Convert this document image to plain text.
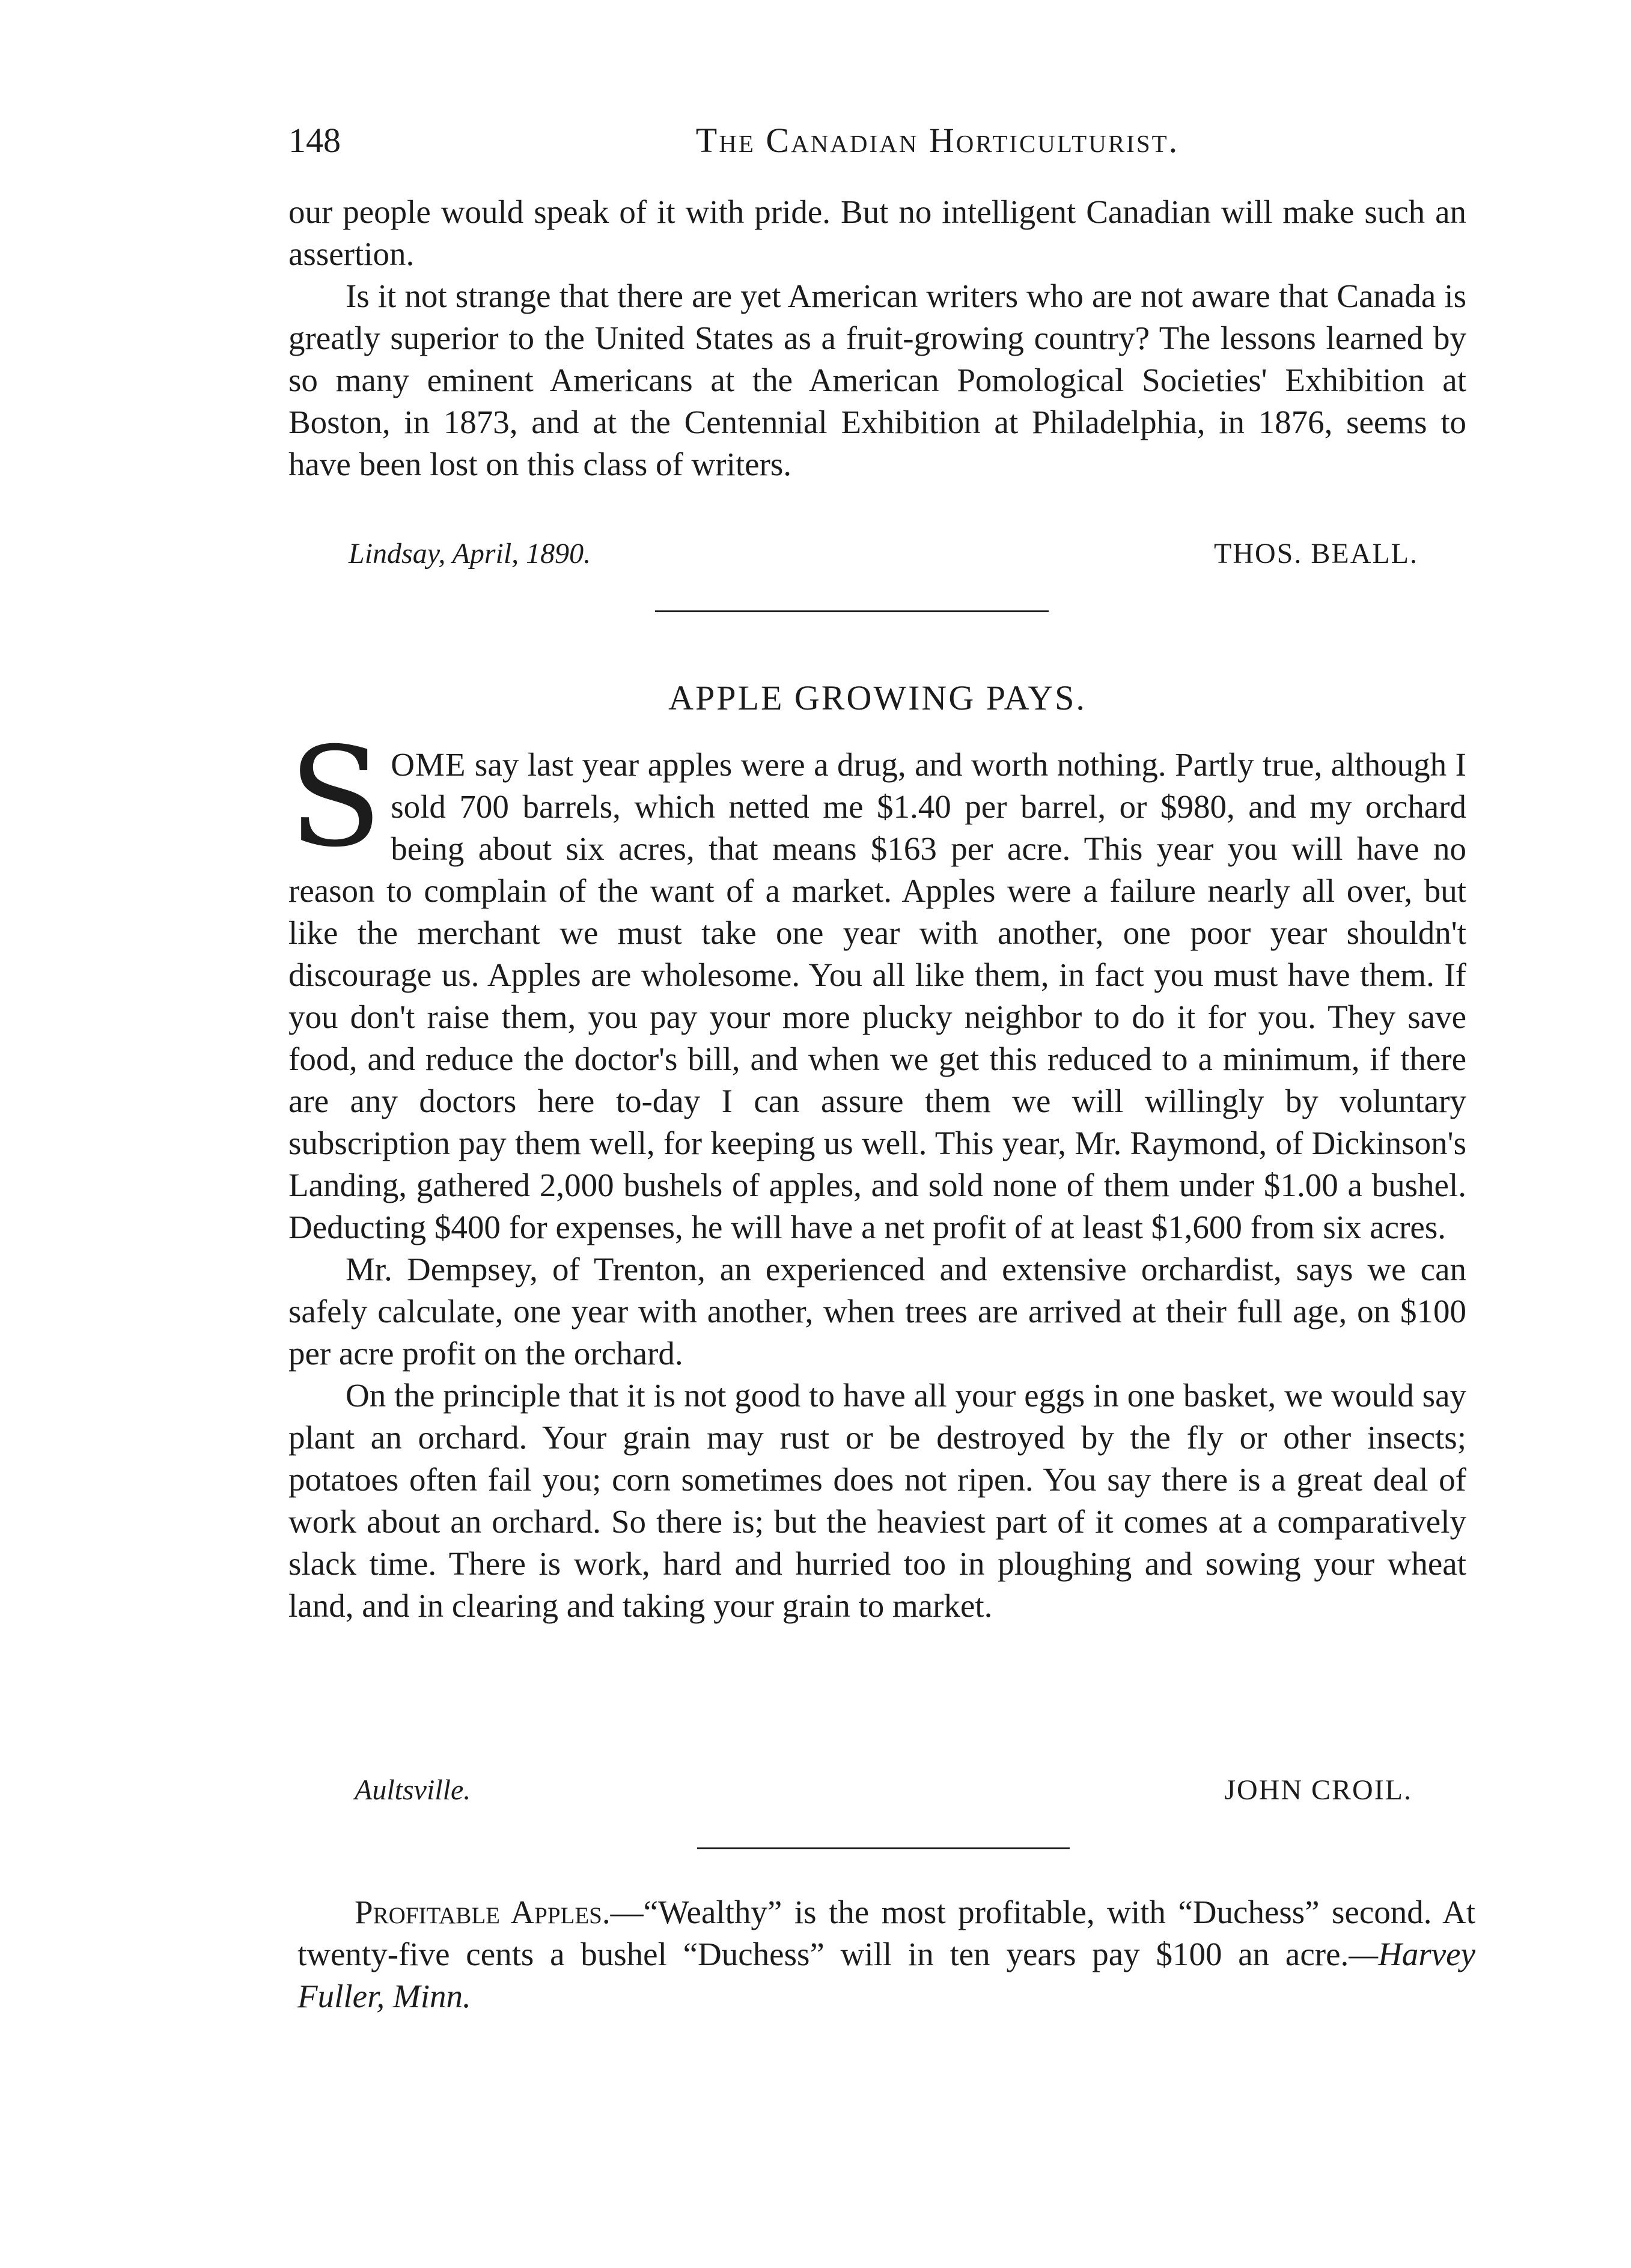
148	The Canadian Horticulturist.

our people would speak of it with pride. But no intelligent Canadian will make such an assertion.

Is it not strange that there are yet American writers who are not aware that Canada is greatly superior to the United States as a fruit-growing country? The lessons learned by so many eminent Americans at the American Pomological Societies' Exhibition at Boston, in 1873, and at the Centennial Exhibition at Philadelphia, in 1876, seems to have been lost on this class of writers.

Lindsay, April, 1890.	THOS. BEALL.
APPLE GROWING PAYS.

SOME say last year apples were a drug, and worth nothing. Partly true, although I sold 700 barrels, which netted me $1.40 per barrel, or $980, and my orchard being about six acres, that means $163 per acre. This year you will have no reason to complain of the want of a market. Apples were a failure nearly all over, but like the merchant we must take one year with another, one poor year shouldn't discourage us. Apples are wholesome. You all like them, in fact you must have them. If you don't raise them, you pay your more plucky neighbor to do it for you. They save food, and reduce the doctor's bill, and when we get this reduced to a minimum, if there are any doctors here to-day I can assure them we will willingly by voluntary subscription pay them well, for keeping us well. This year, Mr. Raymond, of Dickinson's Landing, gathered 2,000 bushels of apples, and sold none of them under $1.00 a bushel. Deducting $400 for expenses, he will have a net profit of at least $1,600 from six acres.

Mr. Dempsey, of Trenton, an experienced and extensive orchardist, says we can safely calculate, one year with another, when trees are arrived at their full age, on $100 per acre profit on the orchard.

On the principle that it is not good to have all your eggs in one basket, we would say plant an orchard. Your grain may rust or be destroyed by the fly or other insects; potatoes often fail you; corn sometimes does not ripen. You say there is a great deal of work about an orchard. So there is; but the heaviest part of it comes at a comparatively slack time. There is work, hard and hurried too in ploughing and sowing your wheat land, and in clearing and taking your grain to market.

Aultsville.	JOHN CROIL.

Profitable Apples.—“Wealthy” is the most profitable, with “Duchess” second. At twenty-five cents a bushel “Duchess” will in ten years pay $100 an acre.—Harvey Fuller, Minn.
